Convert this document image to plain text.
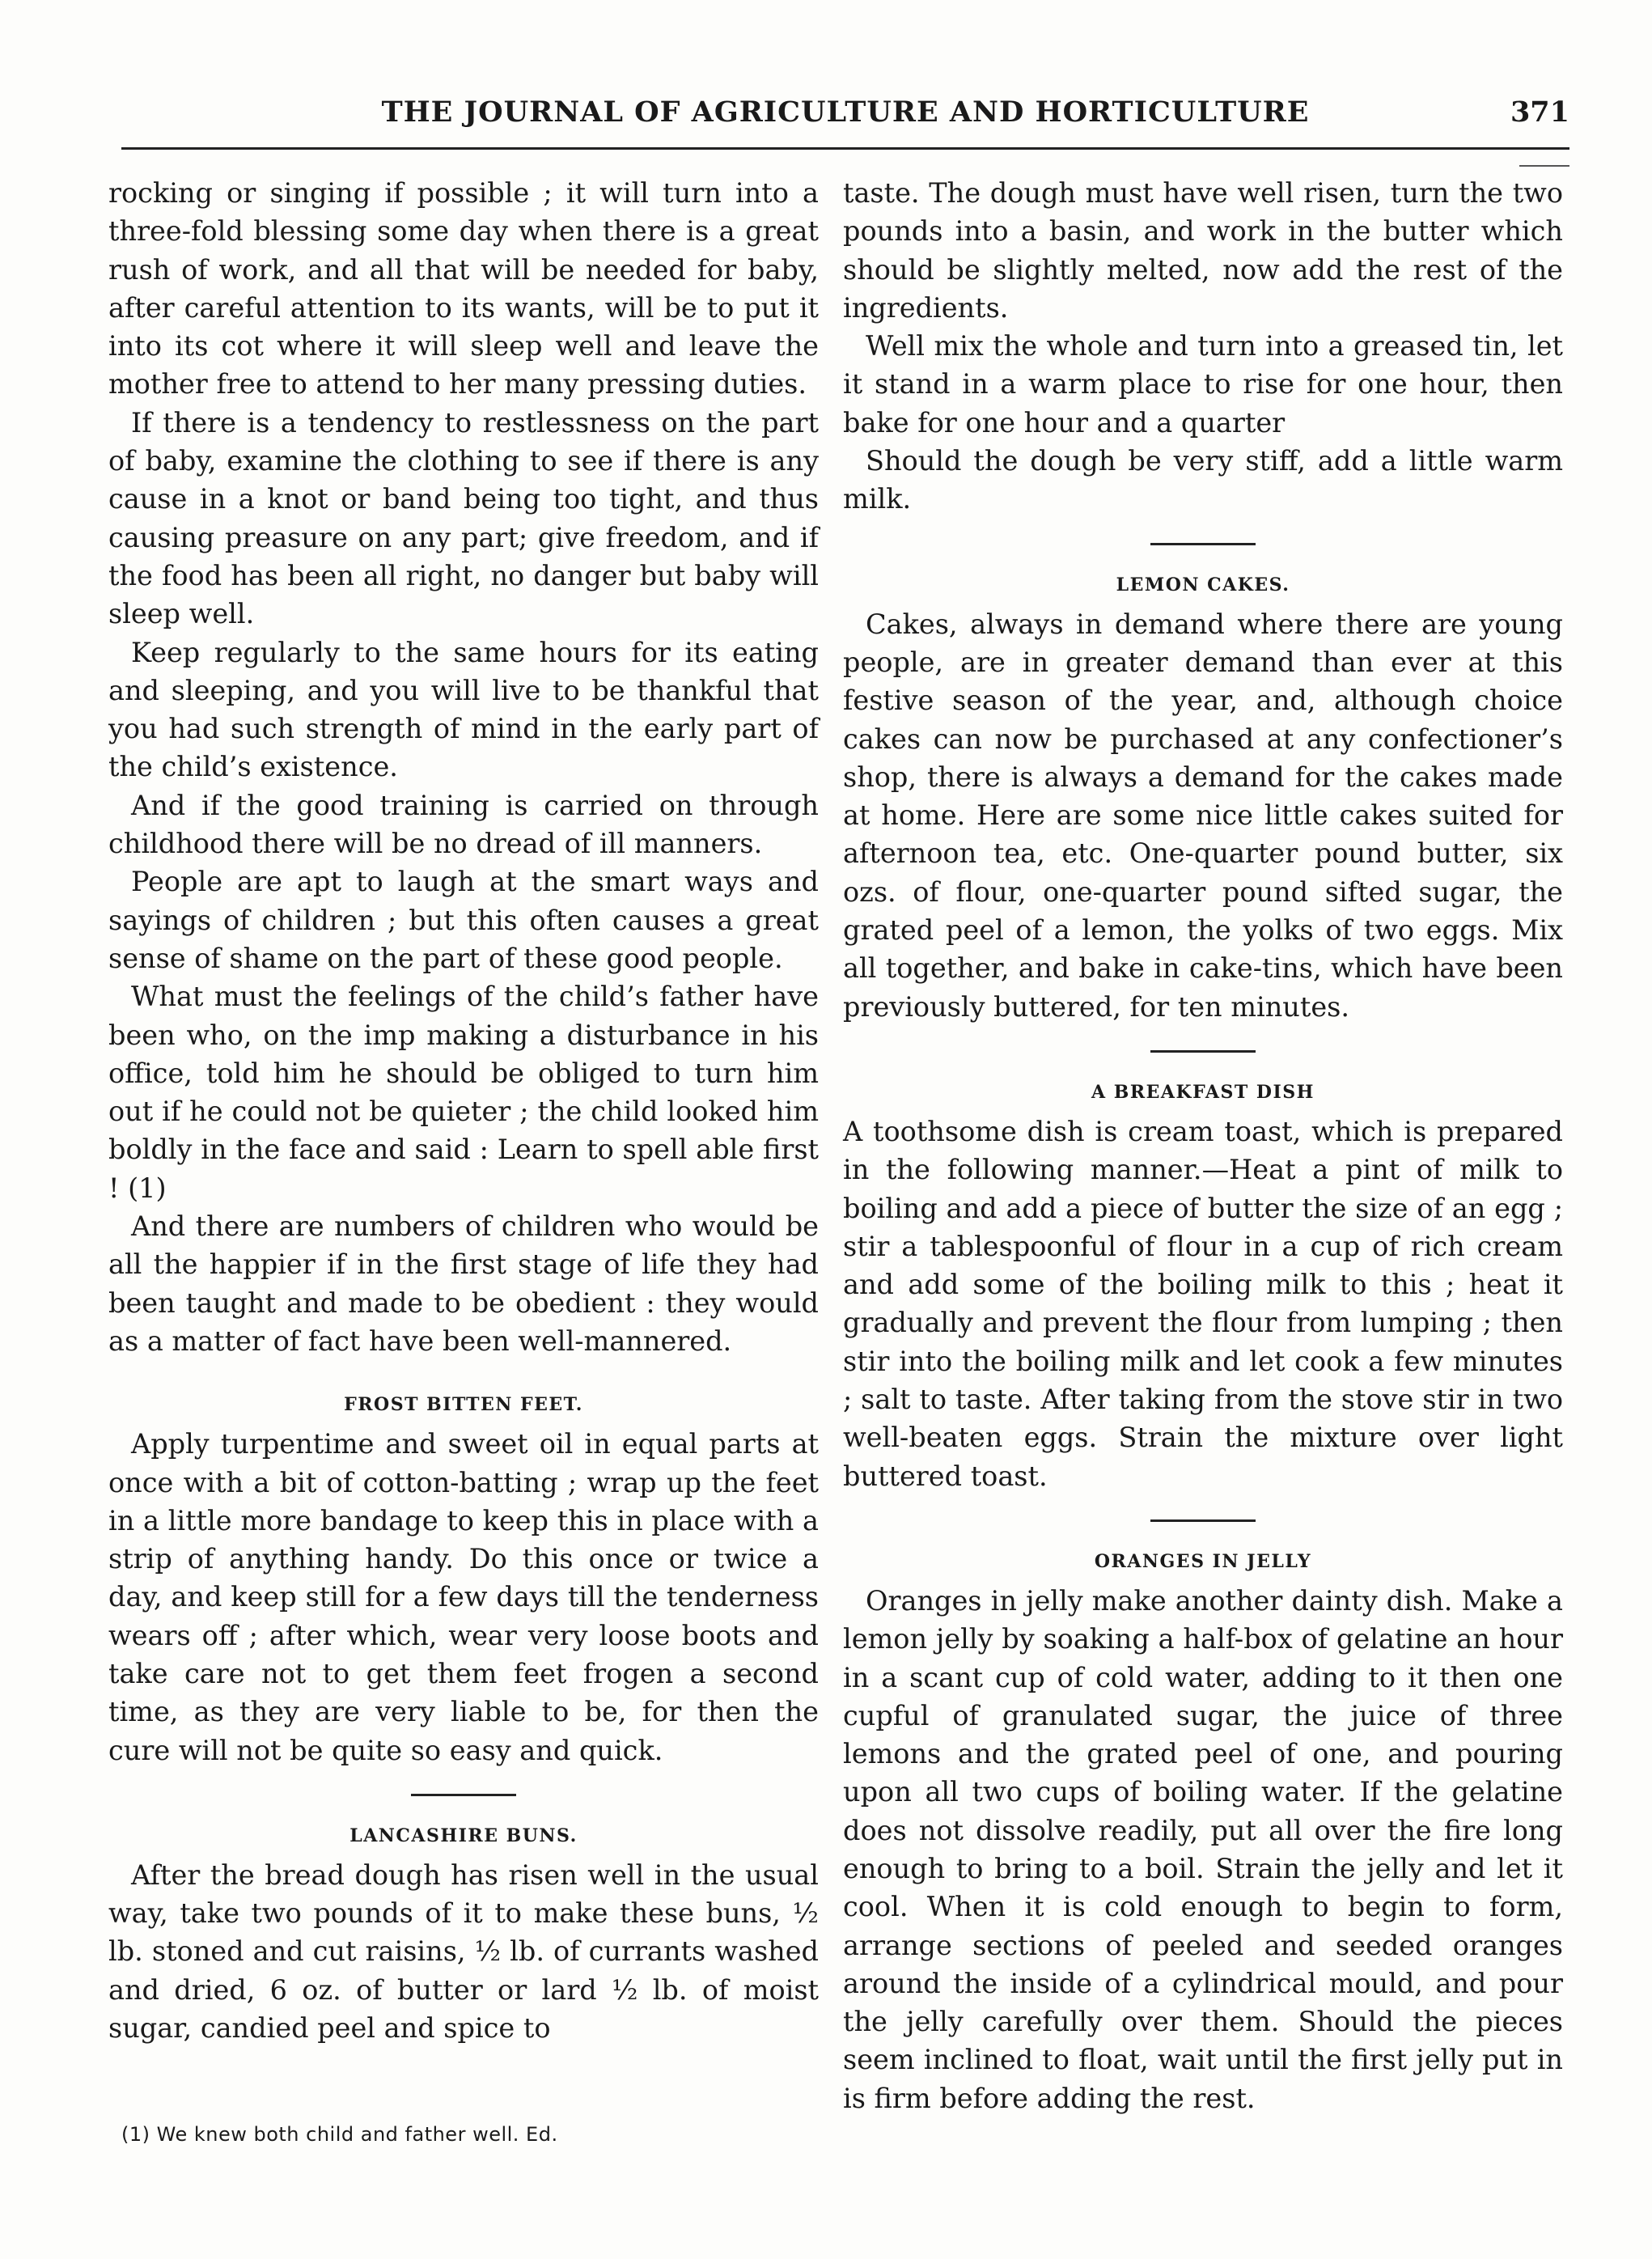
THE JOURNAL OF AGRICULTURE AND HORTICULTURE	371

rocking or singing if possible ; it will turn into a three-fold blessing some day when there is a great rush of work, and all that will be needed for baby, after careful attention to its wants, will be to put it into its cot where it will sleep well and leave the mother free to attend to her many pressing duties.

If there is a tendency to restlessness on the part of baby, examine the clothing to see if there is any cause in a knot or band being too tight, and thus causing preasure on any part; give freedom, and if the food has been all right, no danger but baby will sleep well.

Keep regularly to the same hours for its eating and sleeping, and you will live to be thankful that you had such strength of mind in the early part of the child’s existence.

And if the good training is carried on through childhood there will be no dread of ill manners.

People are apt to laugh at the smart ways and sayings of children ; but this often causes a great sense of shame on the part of these good people.

What must the feelings of the child’s father have been who, on the imp making a disturbance in his office, told him he should be obliged to turn him out if he could not be quieter ; the child looked him boldly in the face and said : Learn to spell able first ! (1)

And there are numbers of children who would be all the happier if in the first stage of life they had been taught and made to be obedient : they would as a matter of fact have been well-mannered.

FROST BITTEN FEET.

Apply turpentime and sweet oil in equal parts at once with a bit of cotton-batting ; wrap up the feet in a little more bandage to keep this in place with a strip of anything handy. Do this once or twice a day, and keep still for a few days till the tenderness wears off ; after which, wear very loose boots and take care not to get them feet frogen a second time, as they are very liable to be, for then the cure will not be quite so easy and quick.

LANCASHIRE BUNS.

After the bread dough has risen well in the usual way, take two pounds of it to make these buns, ½ lb. stoned and cut raisins, ½ lb. of currants washed and dried, 6 oz. of butter or lard ½ lb. of moist sugar, candied peel and spice to

taste. The dough must have well risen, turn the two pounds into a basin, and work in the butter which should be slightly melted, now add the rest of the ingredients.

Well mix the whole and turn into a greased tin, let it stand in a warm place to rise for one hour, then bake for one hour and a quarter

Should the dough be very stiff, add a little warm milk.

LEMON CAKES.

Cakes, always in demand where there are young people, are in greater demand than ever at this festive season of the year, and, although choice cakes can now be purchased at any confectioner’s shop, there is always a demand for the cakes made at home. Here are some nice little cakes suited for afternoon tea, etc. One-quarter pound butter, six ozs. of flour, one-quarter pound sifted sugar, the grated peel of a lemon, the yolks of two eggs. Mix all together, and bake in cake-tins, which have been previously buttered, for ten minutes.

A BREAKFAST DISH

A toothsome dish is cream toast, which is prepared in the following manner.—Heat a pint of milk to boiling and add a piece of butter the size of an egg ; stir a tablespoonful of flour in a cup of rich cream and add some of the boiling milk to this ; heat it gradually and prevent the flour from lumping ; then stir into the boiling milk and let cook a few minutes ; salt to taste. After taking from the stove stir in two well-beaten eggs. Strain the mixture over light buttered toast.

ORANGES IN JELLY

Oranges in jelly make another dainty dish. Make a lemon jelly by soaking a half-box of gelatine an hour in a scant cup of cold water, adding to it then one cupful of granulated sugar, the juice of three lemons and the grated peel of one, and pouring upon all two cups of boiling water. If the gelatine does not dissolve readily, put all over the fire long enough to bring to a boil. Strain the jelly and let it cool. When it is cold enough to begin to form, arrange sections of peeled and seeded oranges around the inside of a cylindrical mould, and pour the jelly carefully over them. Should the pieces seem inclined to float, wait until the first jelly put in is firm before adding the rest.

(1) We knew both child and father well. Ed.
